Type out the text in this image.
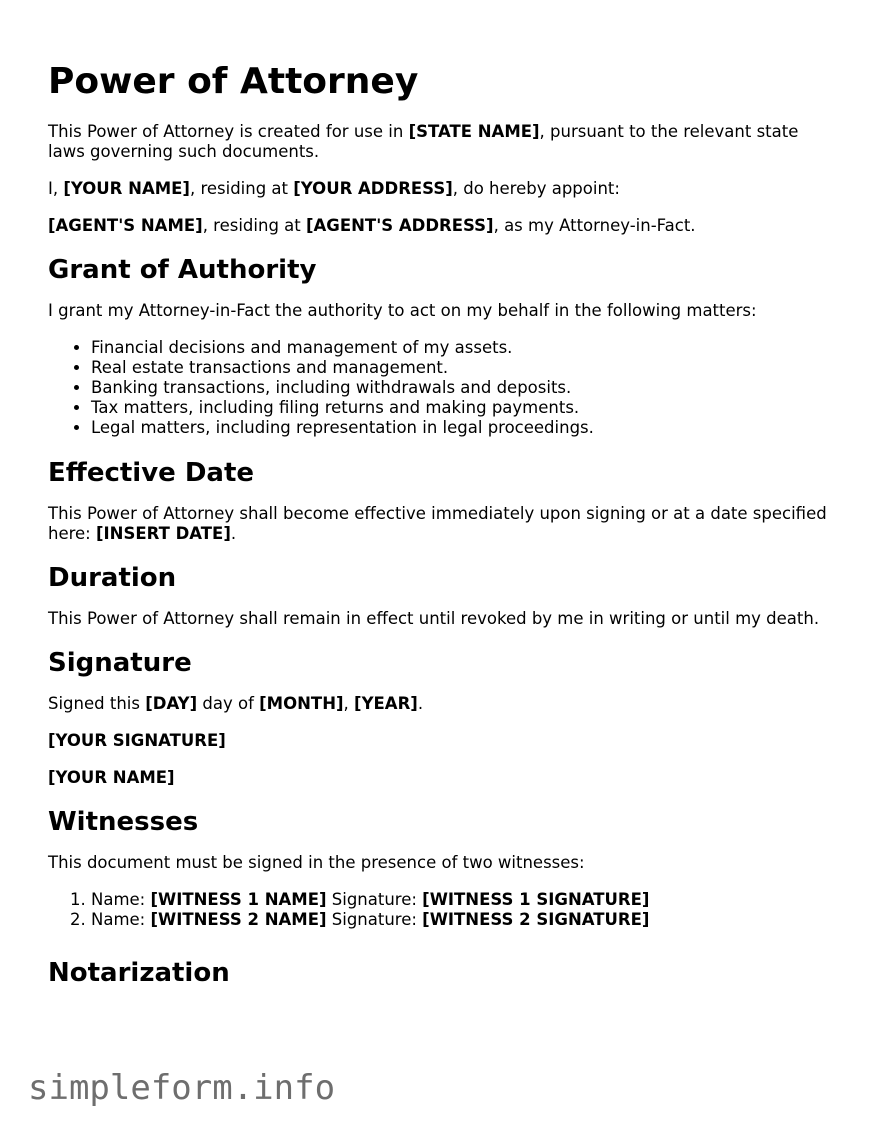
Power of Attorney

This Power of Attorney is created for use in [STATE NAME], pursuant to the relevant state laws governing such documents.

I, [YOUR NAME], residing at [YOUR ADDRESS], do hereby appoint:

[AGENT'S NAME], residing at [AGENT'S ADDRESS], as my Attorney-in-Fact.

Grant of Authority

I grant my Attorney-in-Fact the authority to act on my behalf in the following matters:

• Financial decisions and management of my assets.
• Real estate transactions and management.
• Banking transactions, including withdrawals and deposits.
• Tax matters, including filing returns and making payments.
• Legal matters, including representation in legal proceedings.
Effective Date

This Power of Attorney shall become effective immediately upon signing or at a date specified here: [INSERT DATE].

Duration

This Power of Attorney shall remain in effect until revoked by me in writing or until my death.

Signature

Signed this [DAY] day of [MONTH], [YEAR].

[YOUR SIGNATURE]

[YOUR NAME]

Witnesses

This document must be signed in the presence of two witnesses:

1. Name: [WITNESS 1 NAME] Signature: [WITNESS 1 SIGNATURE]
2. Name: [WITNESS 2 NAME] Signature: [WITNESS 2 SIGNATURE]
Notarization
simpleform.info
